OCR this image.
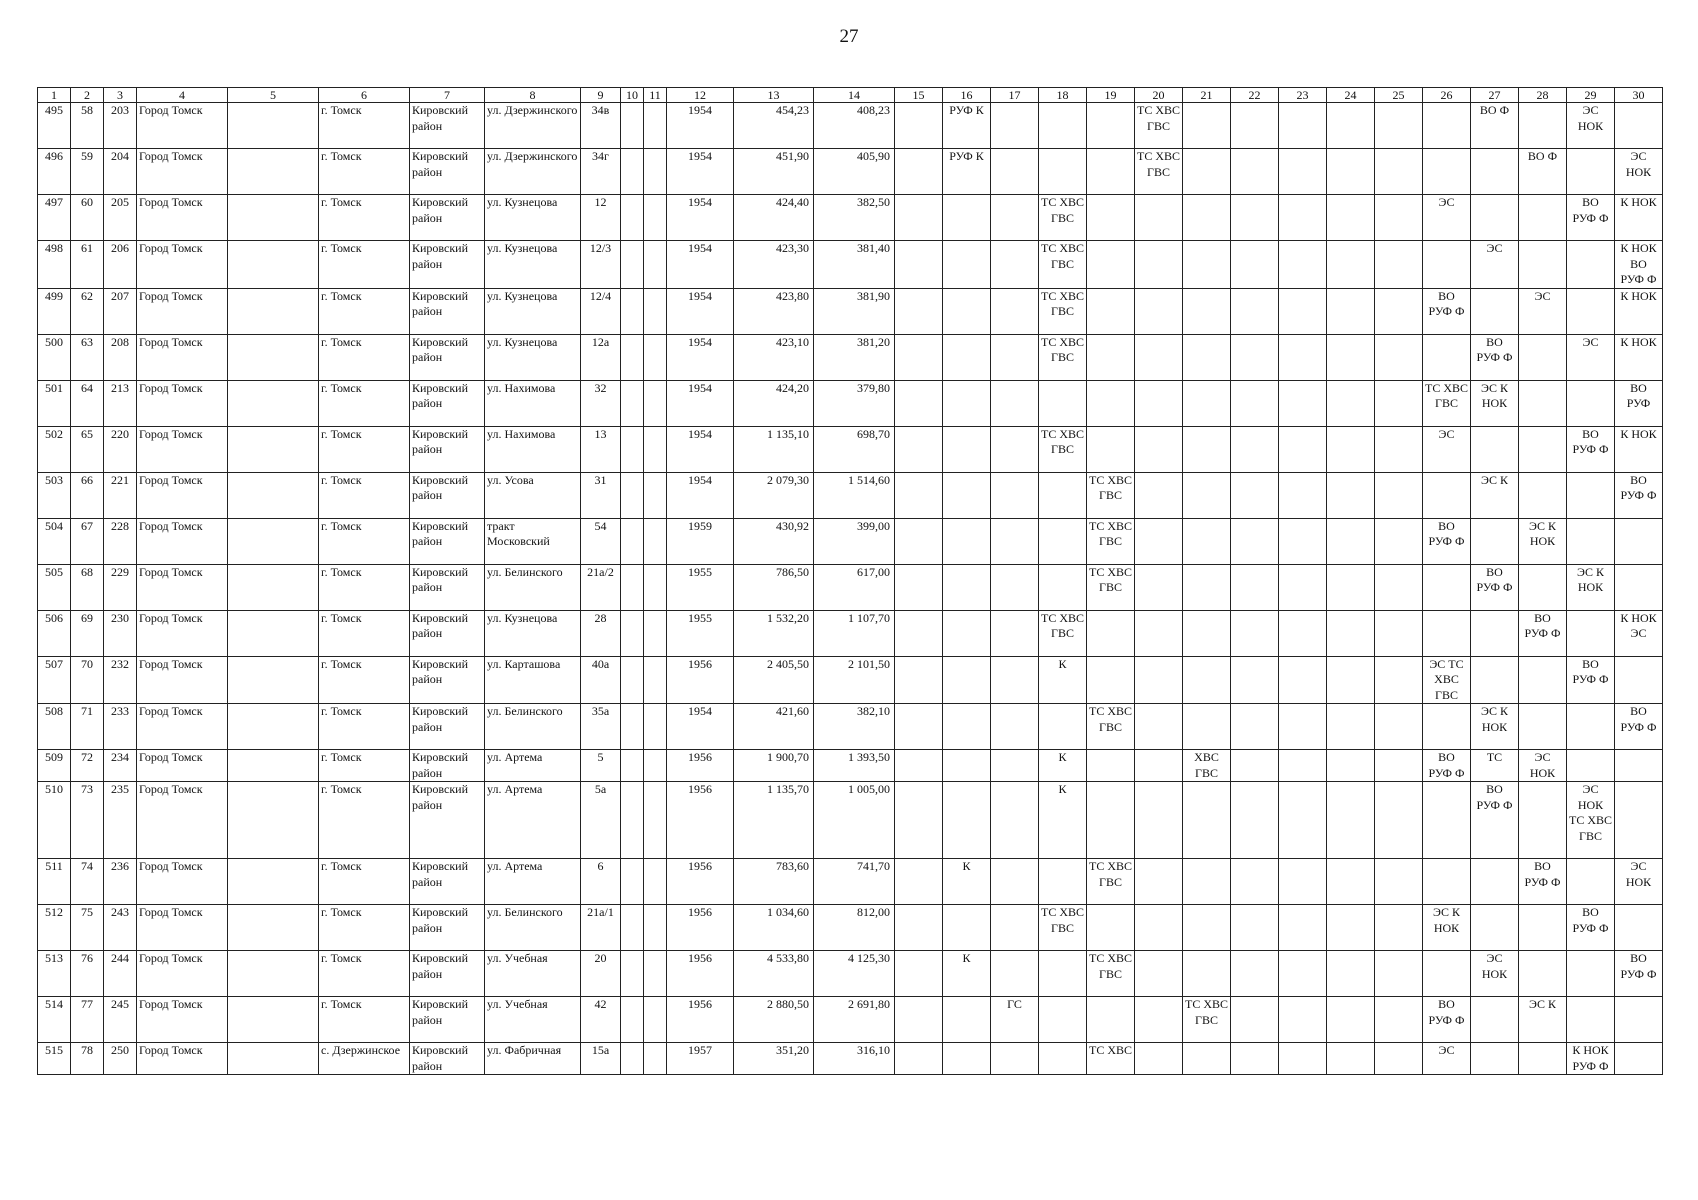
27
1	2	3	4	5	6	7	8	9	10	11	12	13	14	15	16	17	18	19	20	21	22	23	24	25	26	27	28	29	30
495	58	203	Город Томск		г. Томск	Кировский район	ул. Дзержинского	34в			1954	454,23	408,23		РУФ К				ТС ХВС ГВС							ВО Ф		ЭС НОК	
496	59	204	Город Томск		г. Томск	Кировский район	ул. Дзержинского	34г			1954	451,90	405,90		РУФ К				ТС ХВС ГВС								ВО Ф		ЭС НОК
497	60	205	Город Томск		г. Томск	Кировский район	ул. Кузнецова	12			1954	424,40	382,50				ТС ХВС ГВС								ЭС			ВО РУФ Ф	К НОК
498	61	206	Город Томск		г. Томск	Кировский район	ул. Кузнецова	12/3			1954	423,30	381,40				ТС ХВС ГВС									ЭС			К НОК ВО РУФ Ф
499	62	207	Город Томск		г. Томск	Кировский район	ул. Кузнецова	12/4			1954	423,80	381,90				ТС ХВС ГВС								ВО РУФ Ф		ЭС		К НОК
500	63	208	Город Томск		г. Томск	Кировский район	ул. Кузнецова	12а			1954	423,10	381,20				ТС ХВС ГВС									ВО РУФ Ф		ЭС	К НОК
501	64	213	Город Томск		г. Томск	Кировский район	ул. Нахимова	32			1954	424,20	379,80												ТС ХВС ГВС	ЭС К НОК			ВО РУФ
502	65	220	Город Томск		г. Томск	Кировский район	ул. Нахимова	13			1954	1 135,10	698,70				ТС ХВС ГВС								ЭС			ВО РУФ Ф	К НОК
503	66	221	Город Томск		г. Томск	Кировский район	ул. Усова	31			1954	2 079,30	1 514,60					ТС ХВС ГВС								ЭС К			ВО РУФ Ф
504	67	228	Город Томск		г. Томск	Кировский район	тракт Московский	54			1959	430,92	399,00					ТС ХВС ГВС							ВО РУФ Ф		ЭС К НОК		
505	68	229	Город Томск		г. Томск	Кировский район	ул. Белинского	21а/2			1955	786,50	617,00					ТС ХВС ГВС								ВО РУФ Ф		ЭС К НОК	
506	69	230	Город Томск		г. Томск	Кировский район	ул. Кузнецова	28			1955	1 532,20	1 107,70				ТС ХВС ГВС										ВО РУФ Ф		К НОК ЭС
507	70	232	Город Томск		г. Томск	Кировский район	ул. Карташова	40а			1956	2 405,50	2 101,50				К								ЭС ТС ХВС ГВС			ВО РУФ Ф	
508	71	233	Город Томск		г. Томск	Кировский район	ул. Белинского	35а			1954	421,60	382,10					ТС ХВС ГВС								ЭС К НОК			ВО РУФ Ф
509	72	234	Город Томск		г. Томск	Кировский район	ул. Артема	5			1956	1 900,70	1 393,50				К			ХВС ГВС					ВО РУФ Ф	ТС	ЭС НОК		
510	73	235	Город Томск		г. Томск	Кировский район	ул. Артема	5а			1956	1 135,70	1 005,00				К									ВО РУФ Ф		ЭС НОК ТС ХВС ГВС	
511	74	236	Город Томск		г. Томск	Кировский район	ул. Артема	6			1956	783,60	741,70		К			ТС ХВС ГВС									ВО РУФ Ф		ЭС НОК
512	75	243	Город Томск		г. Томск	Кировский район	ул. Белинского	21а/1			1956	1 034,60	812,00				ТС ХВС ГВС								ЭС К НОК			ВО РУФ Ф	
513	76	244	Город Томск		г. Томск	Кировский район	ул. Учебная	20			1956	4 533,80	4 125,30		К			ТС ХВС ГВС								ЭС НОК			ВО РУФ Ф
514	77	245	Город Томск		г. Томск	Кировский район	ул. Учебная	42			1956	2 880,50	2 691,80			ГС				ТС ХВС ГВС					ВО РУФ Ф		ЭС К		
515	78	250	Город Томск		с. Дзержинское	Кировский район	ул. Фабричная	15а			1957	351,20	316,10					ТС ХВС							ЭС			К НОК РУФ Ф	
